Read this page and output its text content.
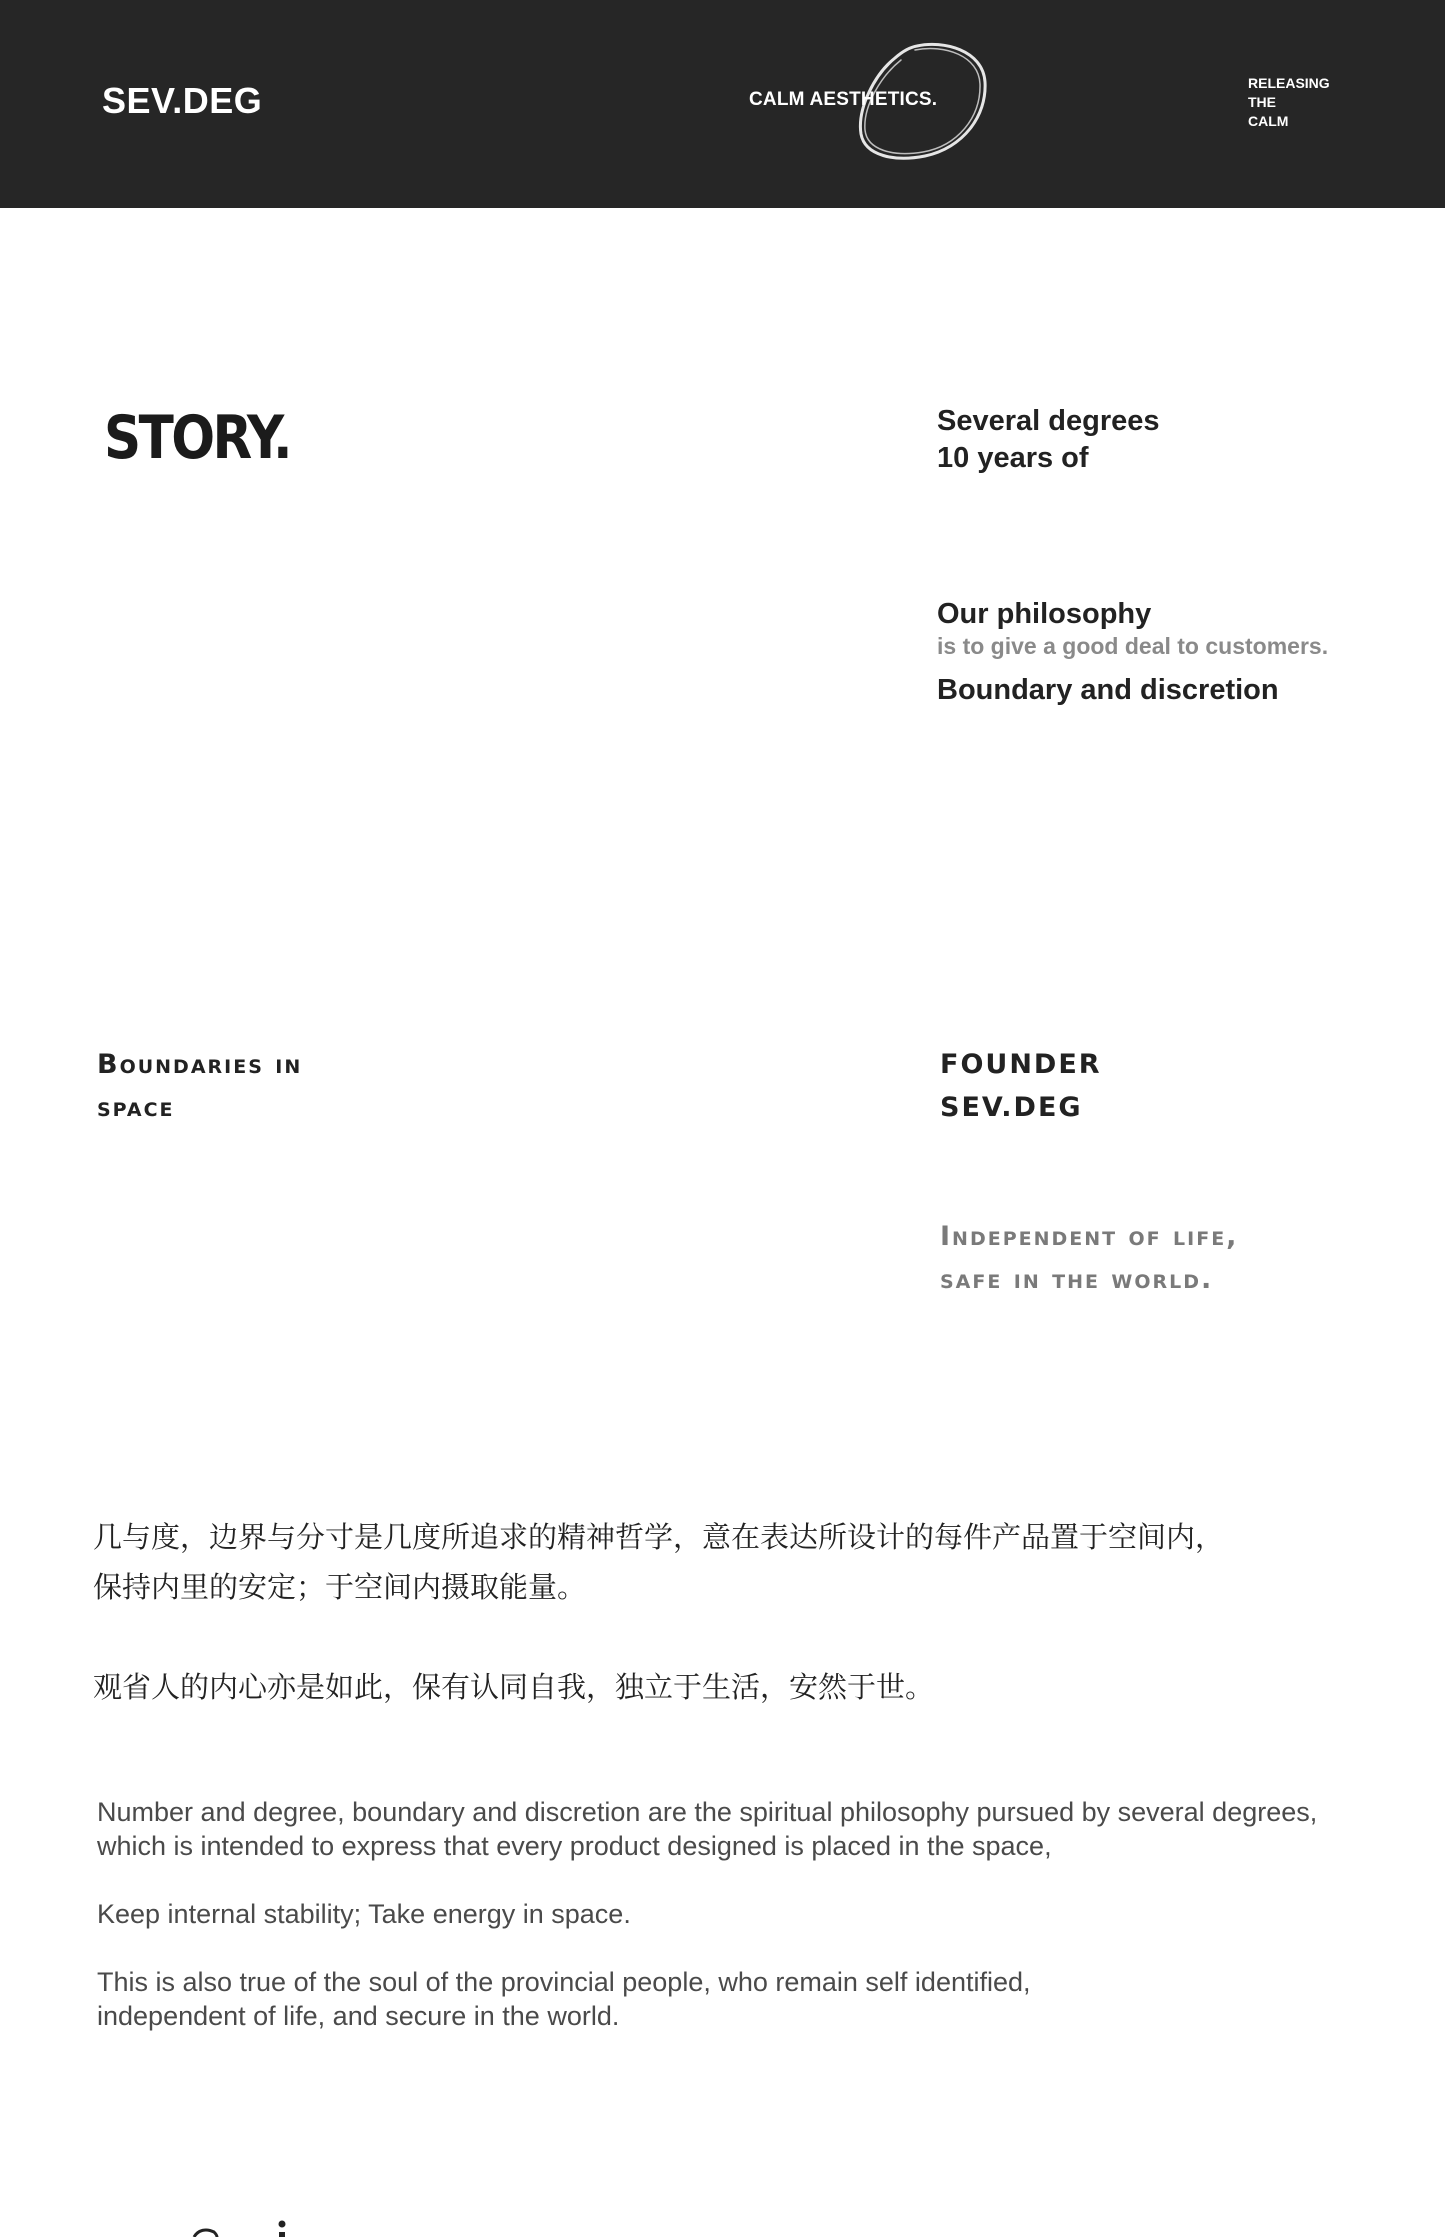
SEV.DEG	CALM AESTHETICS.
RELEASING
THE
CALM
STORY.	Several degrees
10 years of
Our philosophy
is to give a good deal to customers.
Boundary and discretion
Boundaries in
space
FOUNDER
SEV.DEG
Independent of life,
safe in the world.
几与度，边界与分寸是几度所追求的精神哲学，意在表达所设计的每件产品置于空间内，
保持内里的安定；于空间内摄取能量。
观省人的内心亦是如此，保有认同自我，独立于生活，安然于世。
Number and degree, boundary and discretion are the spiritual philosophy pursued by several degrees,
which is intended to express that every product designed is placed in the space,
Keep internal stability; Take energy in space.
This is also true of the soul of the provincial people, who remain self identified,
independent of life, and secure in the world.
